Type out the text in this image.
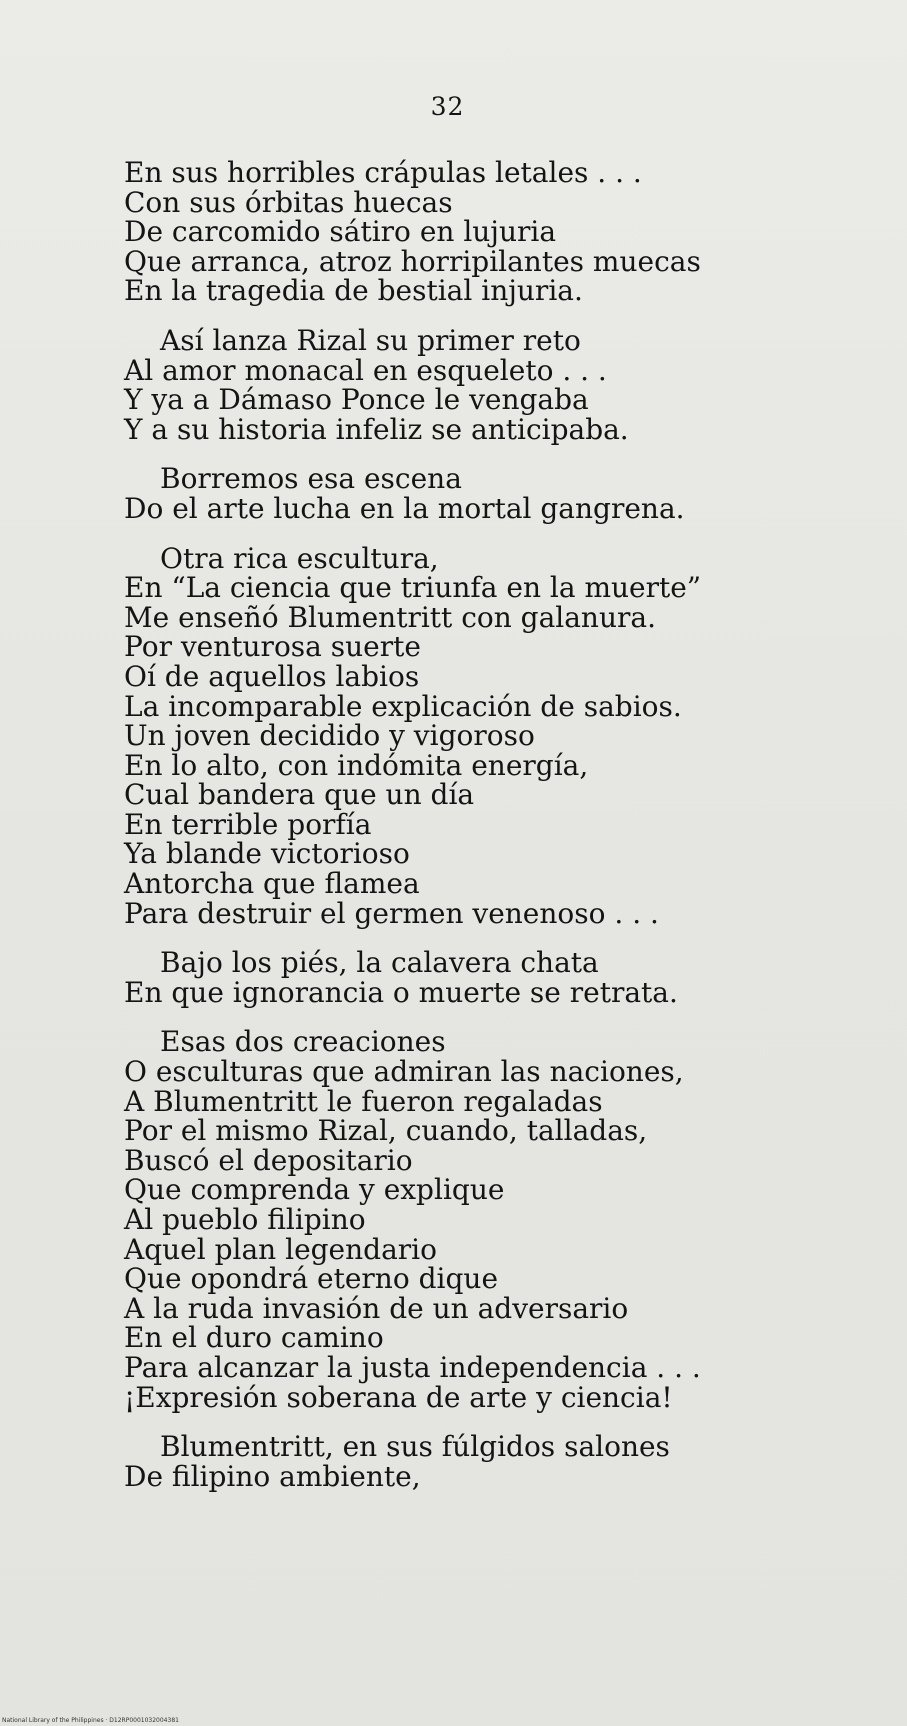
32
En sus horribles crápulas letales . . .
Con sus órbitas huecas
De carcomido sátiro en lujuria
Que arranca, atroz horripilantes muecas
En la tragedia de bestial injuria.
Así lanza Rizal su primer reto
Al amor monacal en esqueleto . . .
Y ya a Dámaso Ponce le vengaba
Y a su historia infeliz se anticipaba.
Borremos esa escena
Do el arte lucha en la mortal gangrena.
Otra rica escultura,
En “La ciencia que triunfa en la muerte”
Me enseñó Blumentritt con galanura.
Por venturosa suerte
Oí de aquellos labios
La incomparable explicación de sabios.
Un joven decidido y vigoroso
En lo alto, con indómita energía,
Cual bandera que un día
En terrible porfía
Ya blande victorioso
Antorcha que flamea
Para destruir el germen venenoso . . .
Bajo los piés, la calavera chata
En que ignorancia o muerte se retrata.
Esas dos creaciones
O esculturas que admiran las naciones,
A Blumentritt le fueron regaladas
Por el mismo Rizal, cuando, talladas,
Buscó el depositario
Que comprenda y explique
Al pueblo filipino
Aquel plan legendario
Que opondrá eterno dique
A la ruda invasión de un adversario
En el duro camino
Para alcanzar la justa independencia . . .
¡Expresión soberana de arte y ciencia!
Blumentritt, en sus fúlgidos salones
De filipino ambiente,
National Library of the Philippines · D12RP0001032004381
